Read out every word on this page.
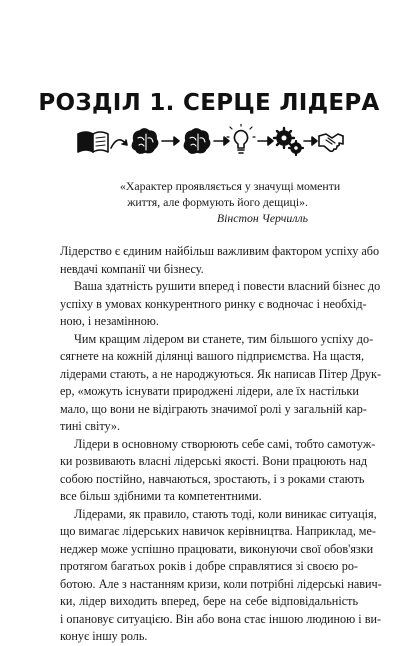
РОЗДІЛ 1. СЕРЦЕ ЛІДЕРА
«Характер проявляється у значущі моменти
життя, але формують його дещиці».
Вінстон Черчилль

Лідерство є єдиним найбільш важливим фактором успіху або
невдачі компанії чи бізнесу.

Ваша здатність рушити вперед і повести власний бізнес до
успіху в умовах конкурентного ринку є водночас і необхід-
ною, і незамінною.

Чим кращим лідером ви станете, тим більшого успіху до-
сягнете на кожній ділянці вашого підприємства. На щастя,
лідерами стають, а не народжуються. Як написав Пітер Друк-
ер, «можуть існувати природжені лідери, але їх настільки
мало, що вони не відіграють значимої ролі у загальній кар-
тині світу».

Лідери в основному створюють себе самі, тобто самотуж-
ки розвивають власні лідерські якості. Вони працюють над
собою постійно, навчаються, зростають, і з роками стають
все більш здібними та компетентними.

Лідерами, як правило, стають тоді, коли виникає ситуація,
що вимагає лідерських навичок керівництва. Наприклад, ме-
неджер може успішно працювати, виконуючи свої обов'язки
протягом багатьох років і добре справлятися зі своєю ро-
ботою. Але з настанням кризи, коли потрібні лідерські навич-
ки, лідер виходить вперед, бере на себе відповідальність
і опановує ситуацією. Він або вона стає іншою людиною і ви-
конує іншу роль.
